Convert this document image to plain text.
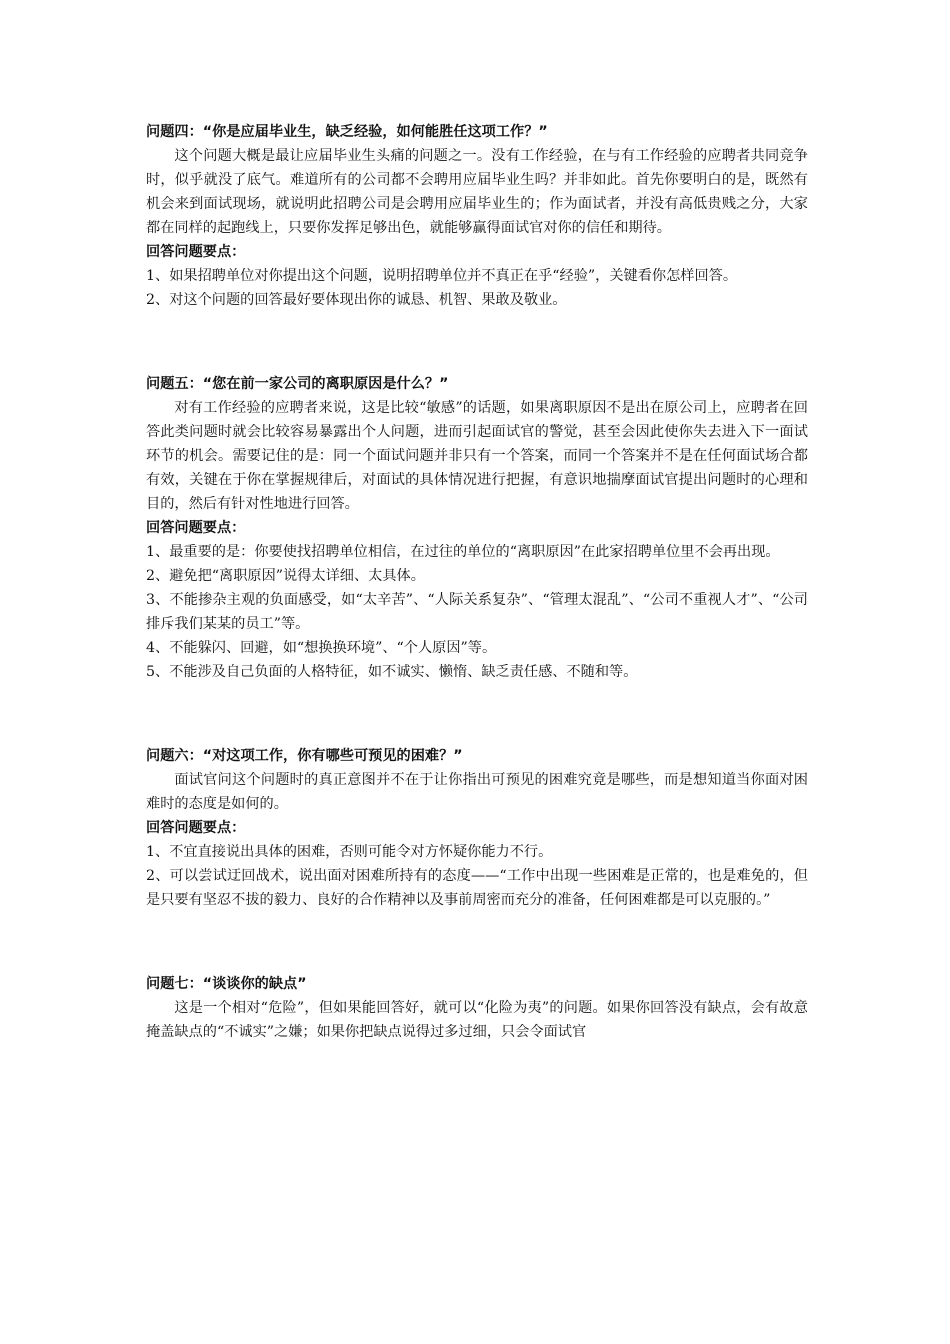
问题四：“你是应届毕业生，缺乏经验，如何能胜任这项工作？”

这个问题大概是最让应届毕业生头痛的问题之一。没有工作经验，在与有工作经验的应聘者共同竞争时，似乎就没了底气。难道所有的公司都不会聘用应届毕业生吗？并非如此。首先你要明白的是，既然有机会来到面试现场，就说明此招聘公司是会聘用应届毕业生的；作为面试者，并没有高低贵贱之分，大家都在同样的起跑线上，只要你发挥足够出色，就能够赢得面试官对你的信任和期待。

回答问题要点：

1、如果招聘单位对你提出这个问题，说明招聘单位并不真正在乎“经验”，关键看你怎样回答。

2、对这个问题的回答最好要体现出你的诚恳、机智、果敢及敬业。

问题五：“您在前一家公司的离职原因是什么？”

对有工作经验的应聘者来说，这是比较“敏感”的话题，如果离职原因不是出在原公司上，应聘者在回答此类问题时就会比较容易暴露出个人问题，进而引起面试官的警觉，甚至会因此使你失去进入下一面试环节的机会。需要记住的是：同一个面试问题并非只有一个答案，而同一个答案并不是在任何面试场合都有效，关键在于你在掌握规律后，对面试的具体情况进行把握，有意识地揣摩面试官提出问题时的心理和目的，然后有针对性地进行回答。

回答问题要点：

1、最重要的是：你要使找招聘单位相信，在过往的单位的“离职原因”在此家招聘单位里不会再出现。

2、避免把“离职原因”说得太详细、太具体。

3、不能掺杂主观的负面感受，如“太辛苦”、“人际关系复杂”、“管理太混乱”、“公司不重视人才”、“公司排斥我们某某的员工”等。

4、不能躲闪、回避，如“想换换环境”、“个人原因”等。

5、不能涉及自己负面的人格特征，如不诚实、懒惰、缺乏责任感、不随和等。

问题六：“对这项工作，你有哪些可预见的困难？”

面试官问这个问题时的真正意图并不在于让你指出可预见的困难究竟是哪些，而是想知道当你面对困难时的态度是如何的。

回答问题要点：

1、不宜直接说出具体的困难，否则可能令对方怀疑你能力不行。

2、可以尝试迂回战术，说出面对困难所持有的态度——“工作中出现一些困难是正常的，也是难免的，但是只要有坚忍不拔的毅力、良好的合作精神以及事前周密而充分的准备，任何困难都是可以克服的。”

问题七：“谈谈你的缺点”

这是一个相对“危险”，但如果能回答好，就可以“化险为夷”的问题。如果你回答没有缺点，会有故意掩盖缺点的“不诚实”之嫌；如果你把缺点说得过多过细，只会令面试官
